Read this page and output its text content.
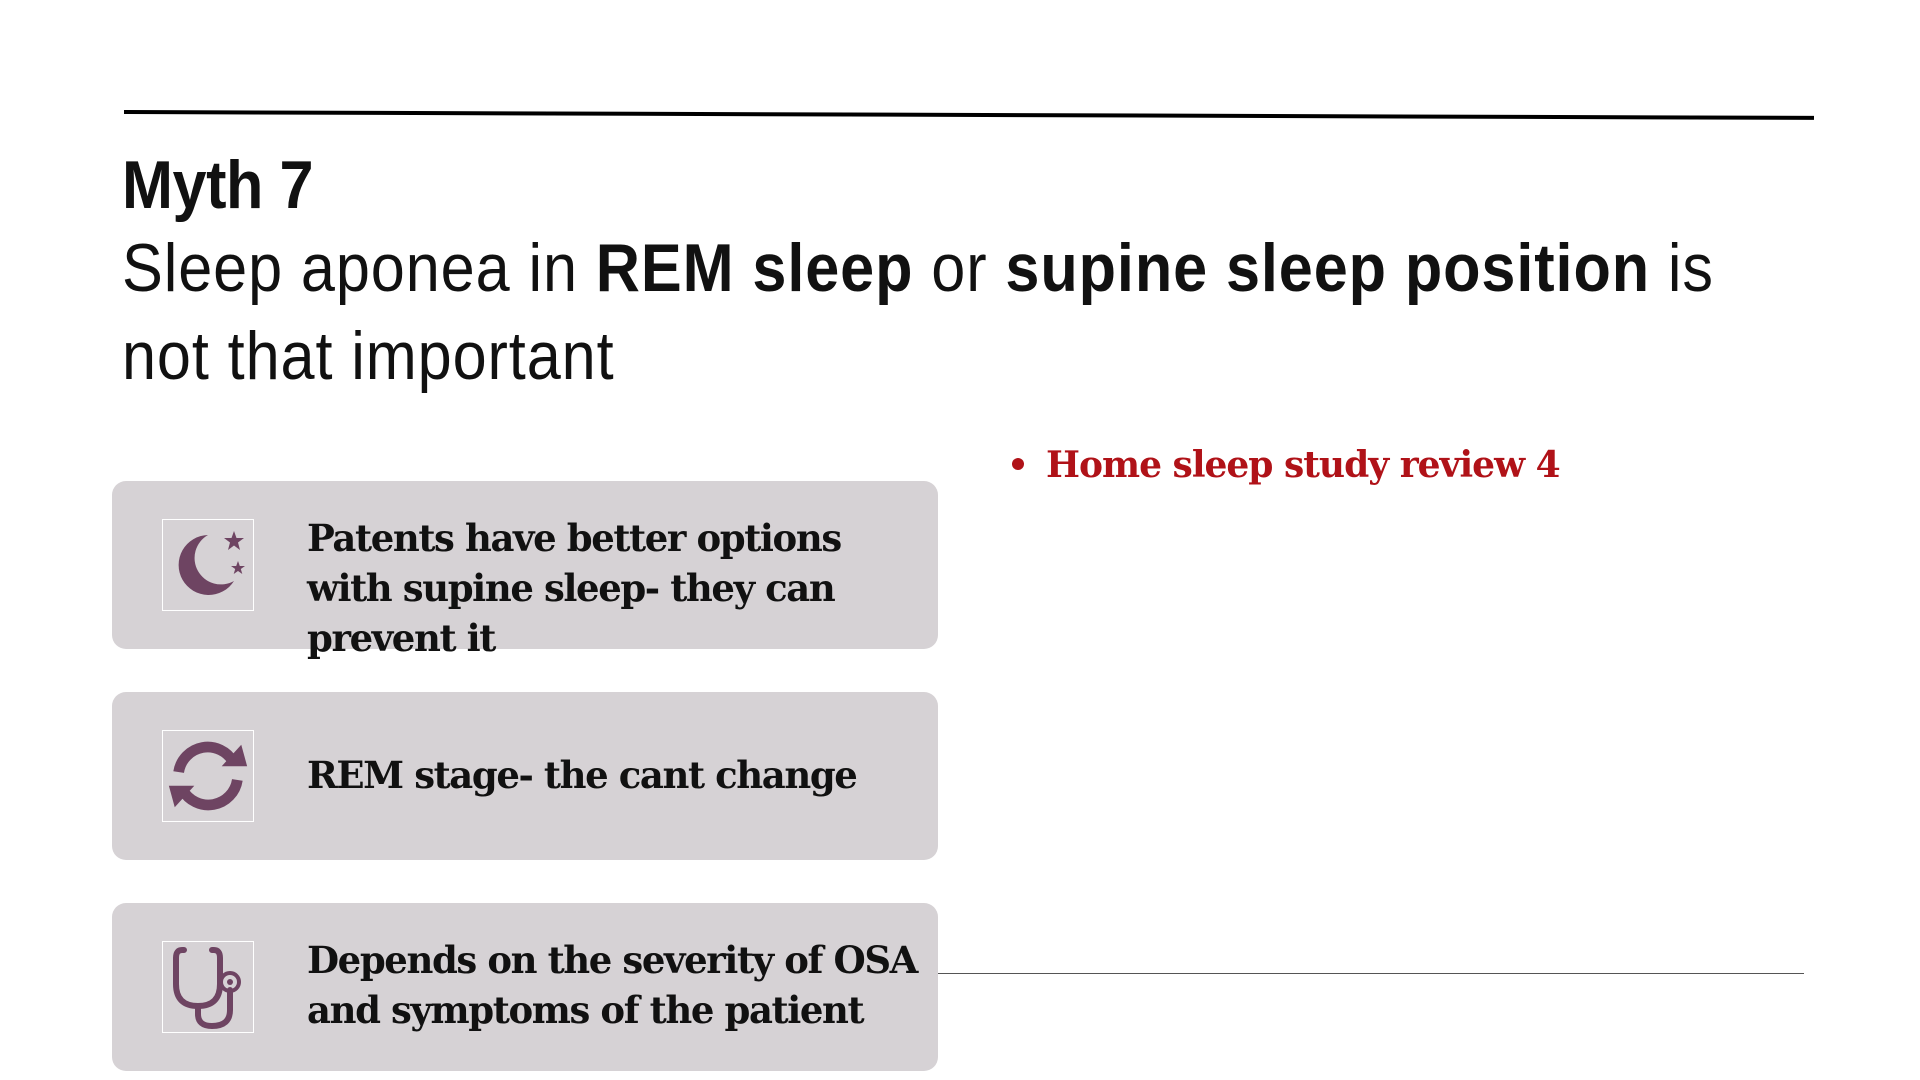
Myth 7
Sleep aponea in REM sleep or supine sleep position is not that important
Home sleep study review 4
Patents have better options with supine sleep- they can prevent it
REM stage- the cant change
Depends on the severity of OSA and symptoms of the patient
